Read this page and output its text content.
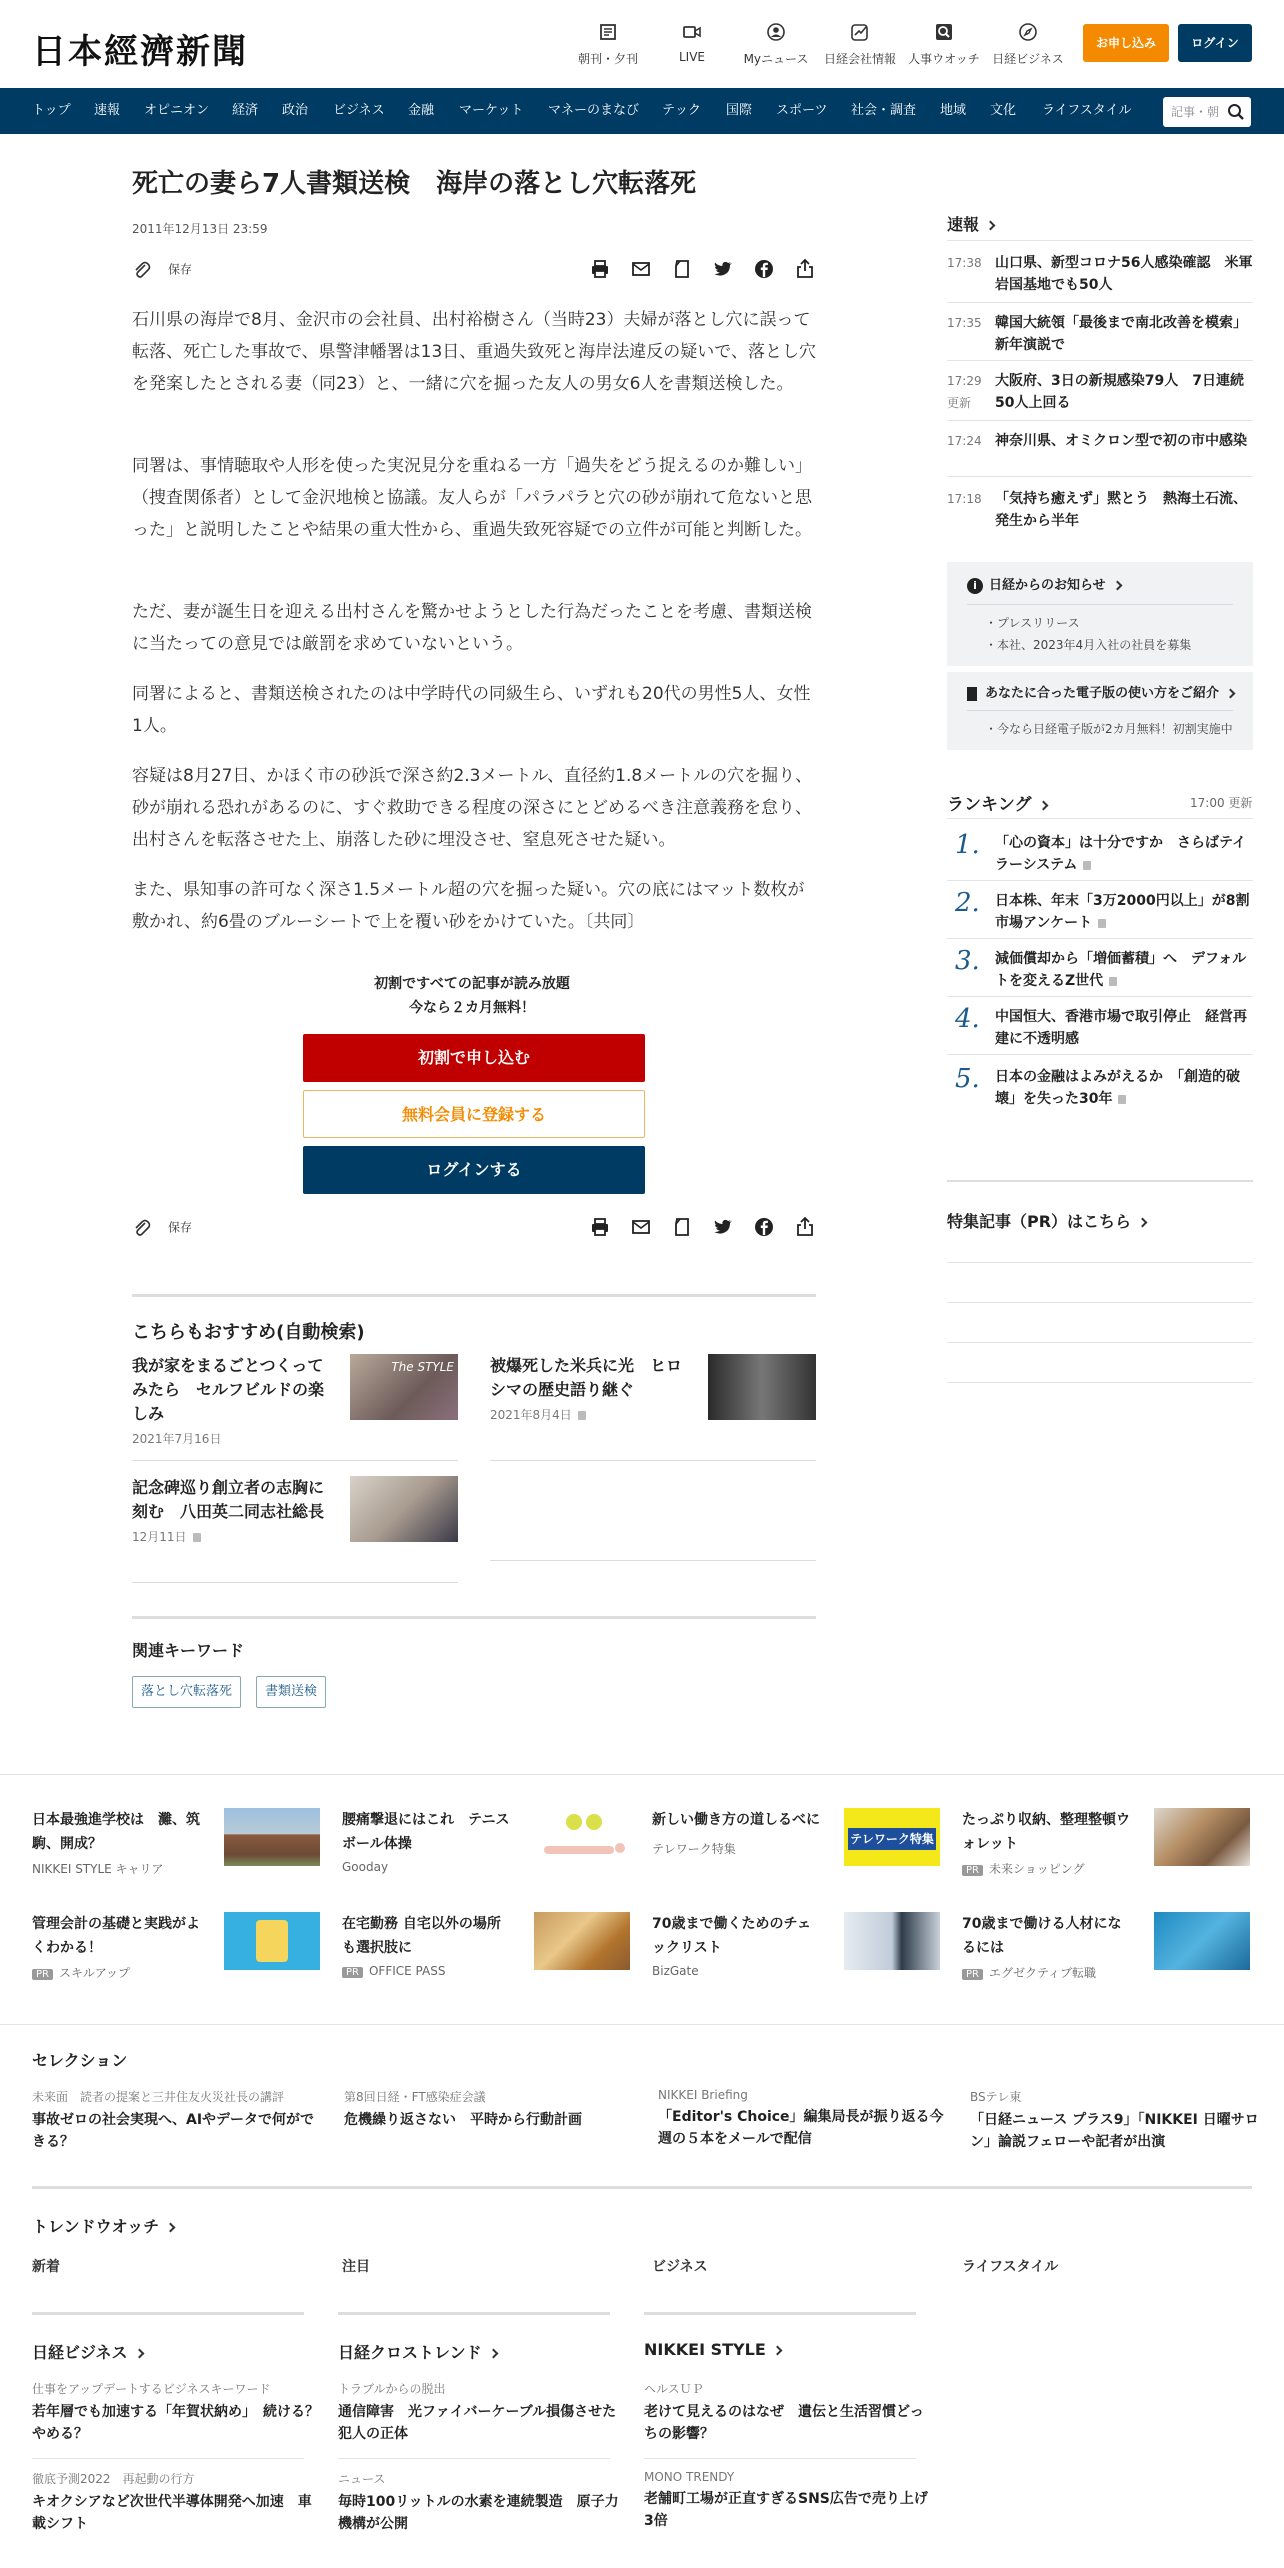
日本經濟新聞	朝刊・夕刊	LIVE	Myニュース	日経会社情報	人事ウオッチ	日経ビジネス
お申し込み	ログイン
トップ 速報 オピニオン 経済 政治 ビジネス 金融 マーケット マネーのまなび テック 国際 スポーツ 社会・調査 地域 文化 ライフスタイル	記事・朝
死亡の妻ら7人書類送検　海岸の落とし穴転落死
2011年12月13日 23:59
保存

石川県の海岸で8月、金沢市の会社員、出村裕樹さん（当時23）夫婦が落とし穴に誤って転落、死亡した事故で、県警津幡署は13日、重過失致死と海岸法違反の疑いで、落とし穴を発案したとされる妻（同23）と、一緒に穴を掘った友人の男女6人を書類送検した。

同署は、事情聴取や人形を使った実況見分を重ねる一方「過失をどう捉えるのか難しい」（捜査関係者）として金沢地検と協議。友人らが「パラパラと穴の砂が崩れて危ないと思った」と説明したことや結果の重大性から、重過失致死容疑での立件が可能と判断した。

ただ、妻が誕生日を迎える出村さんを驚かせようとした行為だったことを考慮、書類送検に当たっての意見では厳罰を求めていないという。

同署によると、書類送検されたのは中学時代の同級生ら、いずれも20代の男性5人、女性1人。

容疑は8月27日、かほく市の砂浜で深さ約2.3メートル、直径約1.8メートルの穴を掘り、砂が崩れる恐れがあるのに、すぐ救助できる程度の深さにとどめるべき注意義務を怠り、出村さんを転落させた上、崩落した砂に埋没させ、窒息死させた疑い。

また、県知事の許可なく深さ1.5メートル超の穴を掘った疑い。穴の底にはマット数枚が敷かれ、約6畳のブルーシートで上を覆い砂をかけていた。〔共同〕

初割ですべての記事が読み放題
今なら２カ月無料！
初割で申し込む
無料会員に登録する
ログインする
保存

こちらもおすすめ(自動検索)
我が家をまるごとつくってみたら　セルフビルドの楽しみ
2021年7月16日
The STYLE 被爆死した米兵に光　ヒロシマの歴史語り継ぐ
2021年8月4日
記念碑巡り創立者の志胸に刻む　八田英二同志社総長
12月11日
関連キーワード
落とし穴転落死	書類送検
速報
17:38 山口県、新型コロナ56人感染確認　米軍岩国基地でも50人
17:35 韓国大統領「最後まで南北改善を模索」　新年演説で
17:29
更新
大阪府、3日の新規感染79人　7日連続50人上回る
17:24 神奈川県、オミクロン型で初の市中感染
17:18 「気持ち癒えず」黙とう　熱海土石流、発生から半年
i 日経からのお知らせ
・プレスリリース
・本社、2023年4月入社の社員を募集
あなたに合った電子版の使い方をご紹介
・今なら日経電子版が2カ月無料！初割実施中
ランキング	17:00 更新
1. 「心の資本」は十分ですか　さらばテイラーシステム
2. 日本株、年末「3万2000円以上」が8割　市場アンケート
3. 減価償却から「増価蓄積」へ　デフォルトを変えるZ世代
4. 中国恒大、香港市場で取引停止　経営再建に不透明感
5. 日本の金融はよみがえるか　「創造的破壊」を失った30年
特集記事（PR）はこちら
日本最強進学校は　灘、筑駒、開成？
NIKKEI STYLE キャリア
腰痛撃退にはこれ　テニスボール体操
Gooday
新しい働き方の道しるべに
テレワーク特集
テレワーク特集
たっぷり収納、整理整頓ウォレット
PR 未来ショッピング
管理会計の基礎と実践がよくわかる！
PR スキルアップ
在宅勤務 自宅以外の場所も選択肢に
PR OFFICE PASS
70歳まで働くためのチェックリスト
BizGate
70歳まで働ける人材になるには
PR エグゼクティブ転職
セレクション
未来面　読者の提案と三井住友火災社長の講評
事故ゼロの社会実現へ、AIやデータで何ができる？
第8回日経・FT感染症会議
危機繰り返さない　平時から行動計画
NIKKEI Briefing
「Editor's Choice」編集局長が振り返る今週の５本をメールで配信
BSテレ東
「日経ニュース プラス9」「NIKKEI 日曜サロン」論説フェローや記者が出演
トレンドウオッチ
新着	注目	ビジネス	ライフスタイル
日経ビジネス
仕事をアップデートするビジネスキーワード
若年層でも加速する「年賀状納め」　続ける？やめる？
徹底予測2022　再起動の行方
キオクシアなど次世代半導体開発へ加速　車載シフト
日経クロストレンド
トラブルからの脱出
通信障害　光ファイバーケーブル損傷させた犯人の正体
ニュース
毎時100リットルの水素を連続製造　原子力機構が公開
NIKKEI STYLE
ヘルスＵＰ
老けて見えるのはなぜ　遺伝と生活習慣どっちの影響？
MONO TRENDY
老舗町工場が正直すぎるSNS広告で売り上げ3倍
